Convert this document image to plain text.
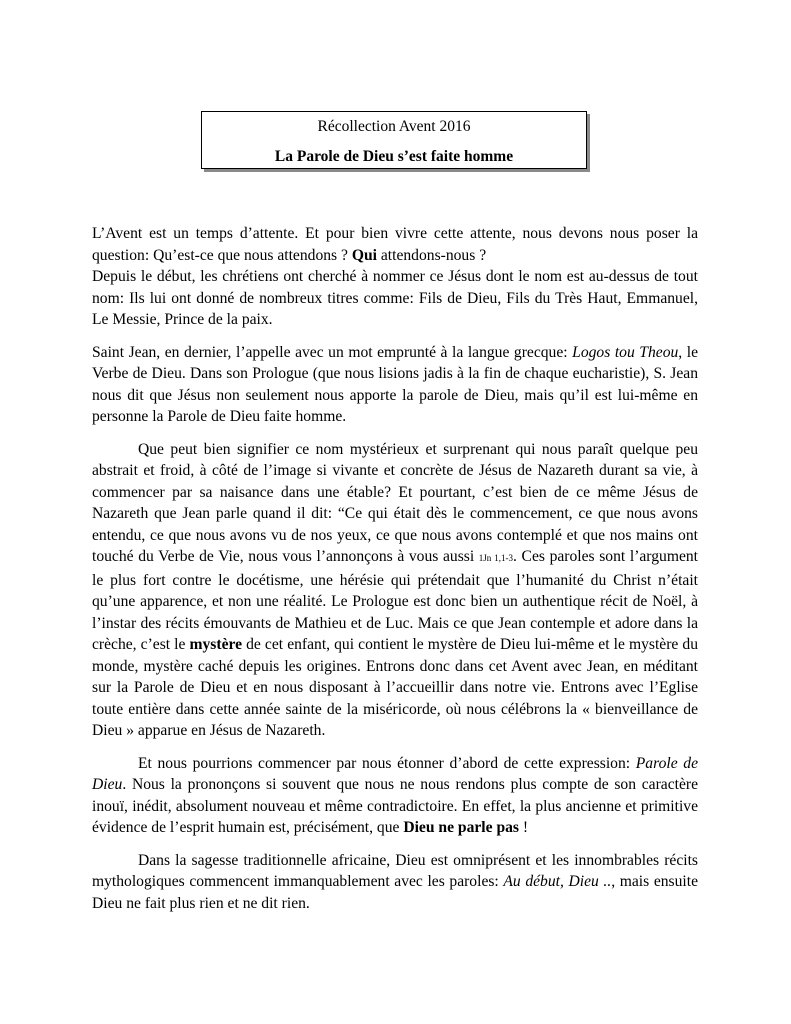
Récollection Avent 2016
La Parole de Dieu s’est faite homme

L’Avent est un temps d’attente. Et pour bien vivre cette attente, nous devons nous poser la question: Qu’est-ce que nous attendons ? Qui attendons-nous ?
Depuis le début, les chrétiens ont cherché à nommer ce Jésus dont le nom est au-dessus de tout nom: Ils lui ont donné de nombreux titres comme: Fils de Dieu, Fils du Très Haut, Emmanuel, Le Messie, Prince de la paix.

Saint Jean, en dernier, l’appelle avec un mot emprunté à la langue grecque: Logos tou Theou, le Verbe de Dieu. Dans son Prologue (que nous lisions jadis à la fin de chaque eucharistie), S. Jean nous dit que Jésus non seulement nous apporte la parole de Dieu, mais qu’il est lui-même en personne la Parole de Dieu faite homme.

Que peut bien signifier ce nom mystérieux et surprenant qui nous paraît quelque peu abstrait et froid, à côté de l’image si vivante et concrète de Jésus de Nazareth durant sa vie, à commencer par sa naisance dans une étable? Et pourtant, c’est bien de ce même Jésus de Nazareth que Jean parle quand il dit: “Ce qui était dès le commencement, ce que nous avons entendu, ce que nous avons vu de nos yeux, ce que nous avons contemplé et que nos mains ont touché du Verbe de Vie, nous vous l’annonçons à vous aussi 1Jn 1,1-3. Ces paroles sont l’argument le plus fort contre le docétisme, une hérésie qui prétendait que l’humanité du Christ n’était qu’une apparence, et non une réalité. Le Prologue est donc bien un authentique récit de Noël, à l’instar des récits émouvants de Mathieu et de Luc. Mais ce que Jean contemple et adore dans la crèche, c’est le mystère de cet enfant, qui contient le mystère de Dieu lui-même et le mystère du monde, mystère caché depuis les origines. Entrons donc dans cet Avent avec Jean, en méditant sur la Parole de Dieu et en nous disposant à l’accueillir dans notre vie. Entrons avec l’Eglise toute entière dans cette année sainte de la miséricorde, où nous célébrons la « bienveillance de Dieu » apparue en Jésus de Nazareth.

Et nous pourrions commencer par nous étonner d’abord de cette expression: Parole de Dieu. Nous la prononçons si souvent que nous ne nous rendons plus compte de son caractère inouï, inédit, absolument nouveau et même contradictoire. En effet, la plus ancienne et primitive évidence de l’esprit humain est, précisément, que Dieu ne parle pas !

Dans la sagesse traditionnelle africaine, Dieu est omniprésent et les innombrables récits mythologiques commencent immanquablement avec les paroles: Au début, Dieu .., mais ensuite Dieu ne fait plus rien et ne dit rien.
